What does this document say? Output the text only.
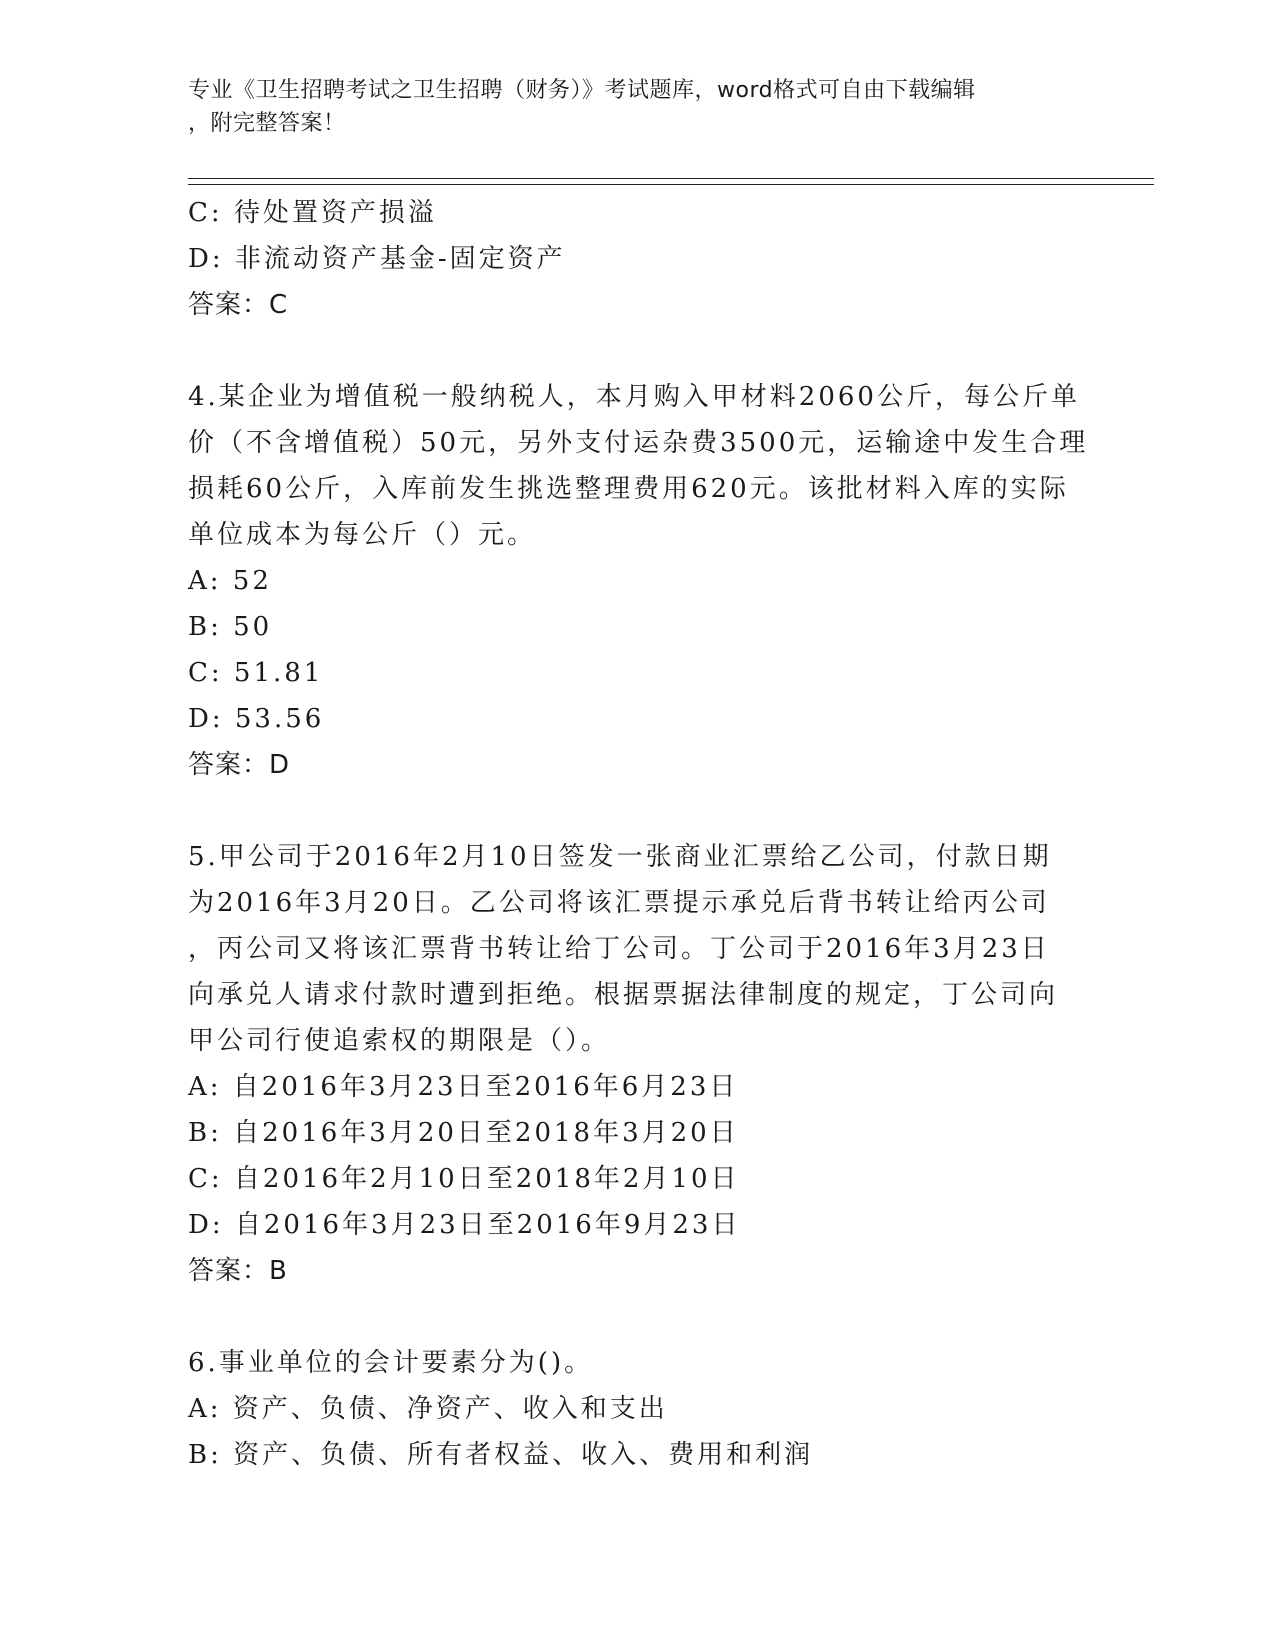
专业《卫生招聘考试之卫生招聘（财务）》考试题库，word格式可自由下载编辑
，附完整答案！
C: 待处置资产损溢
D: 非流动资产基金-固定资产
答案：C
4.某企业为增值税一般纳税人，本月购入甲材料2060公斤，每公斤单
价（不含增值税）50元，另外支付运杂费3500元，运输途中发生合理
损耗60公斤，入库前发生挑选整理费用620元。该批材料入库的实际
单位成本为每公斤（）元。
A: 52
B: 50
C: 51.81
D: 53.56
答案：D
5.甲公司于2016年2月10日签发一张商业汇票给乙公司，付款日期
为2016年3月20日。乙公司将该汇票提示承兑后背书转让给丙公司
，丙公司又将该汇票背书转让给丁公司。丁公司于2016年3月23日
向承兑人请求付款时遭到拒绝。根据票据法律制度的规定，丁公司向
甲公司行使追索权的期限是（）。
A: 自2016年3月23日至2016年6月23日
B: 自2016年3月20日至2018年3月20日
C: 自2016年2月10日至2018年2月10日
D: 自2016年3月23日至2016年9月23日
答案：B
6.事业单位的会计要素分为()。
A: 资产、负债、净资产、收入和支出
B: 资产、负债、所有者权益、收入、费用和利润
